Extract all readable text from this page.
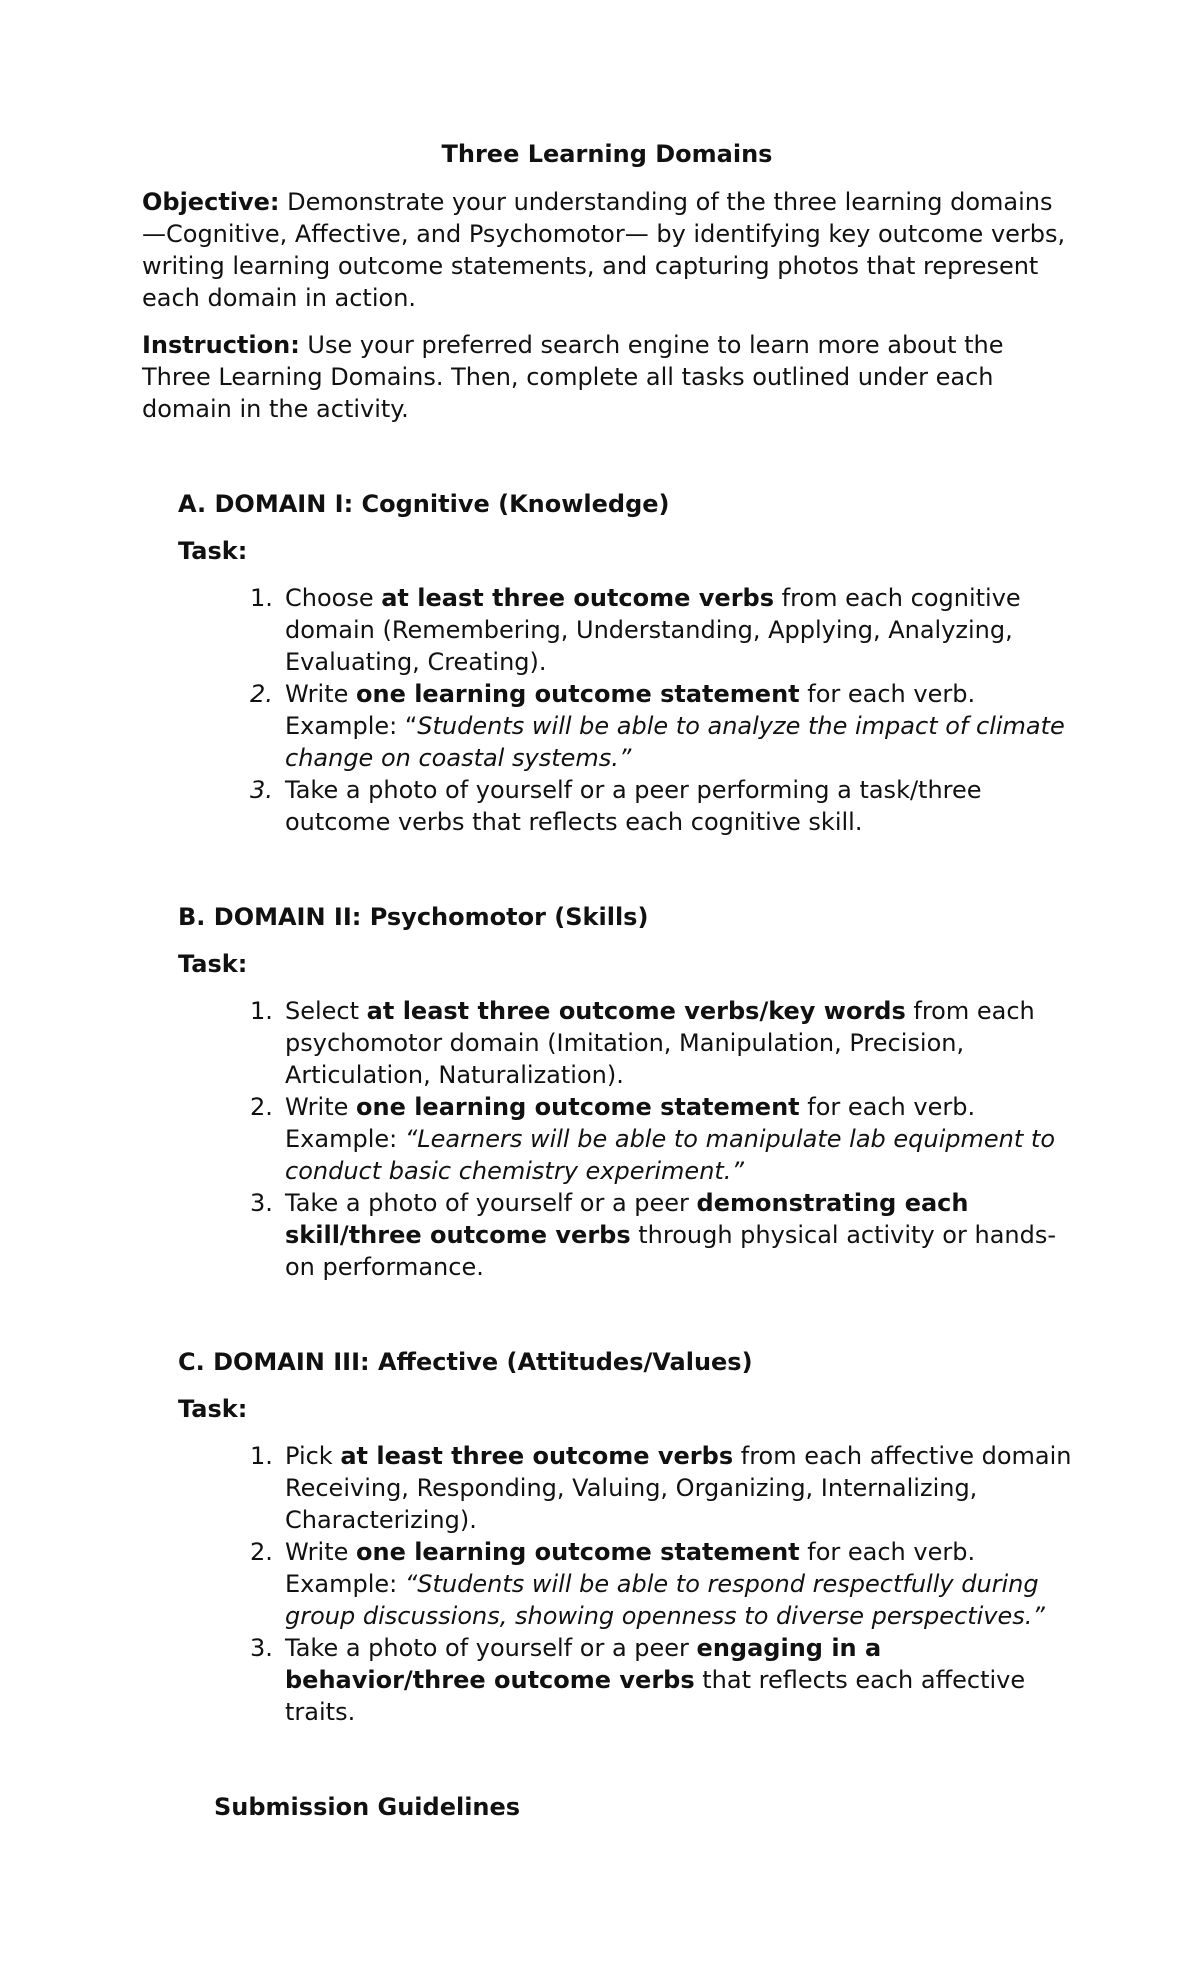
Three Learning Domains

Objective: Demonstrate your understanding of the three learning domains—Cognitive, Affective, and Psychomotor— by identifying key outcome verbs, writing learning outcome statements, and capturing photos that represent each domain in action.

Instruction: Use your preferred search engine to learn more about the Three Learning Domains. Then, complete all tasks outlined under each domain in the activity.

A. DOMAIN I: Cognitive (Knowledge)
Task:
1. Choose at least three outcome verbs from each cognitive domain (Remembering, Understanding, Applying, Analyzing, Evaluating, Creating).
2. Write one learning outcome statement for each verb. Example: “Students will be able to analyze the impact of climate change on coastal systems.”
3. Take a photo of yourself or a peer performing a task/three outcome verbs that reflects each cognitive skill.
B. DOMAIN II: Psychomotor (Skills)
Task:
1. Select at least three outcome verbs/key words from each psychomotor domain (Imitation, Manipulation, Precision, Articulation, Naturalization).
2. Write one learning outcome statement for each verb. Example: “Learners will be able to manipulate lab equipment to conduct basic chemistry experiment.”
3. Take a photo of yourself or a peer demonstrating each skill/three outcome verbs through physical activity or hands-on performance.
C. DOMAIN III: Affective (Attitudes/Values)
Task:
1. Pick at least three outcome verbs from each affective domain Receiving, Responding, Valuing, Organizing, Internalizing, Characterizing).
2. Write one learning outcome statement for each verb. Example: “Students will be able to respond respectfully during group discussions, showing openness to diverse perspectives.”
3. Take a photo of yourself or a peer engaging in a behavior/three outcome verbs that reflects each affective traits.
Submission Guidelines
